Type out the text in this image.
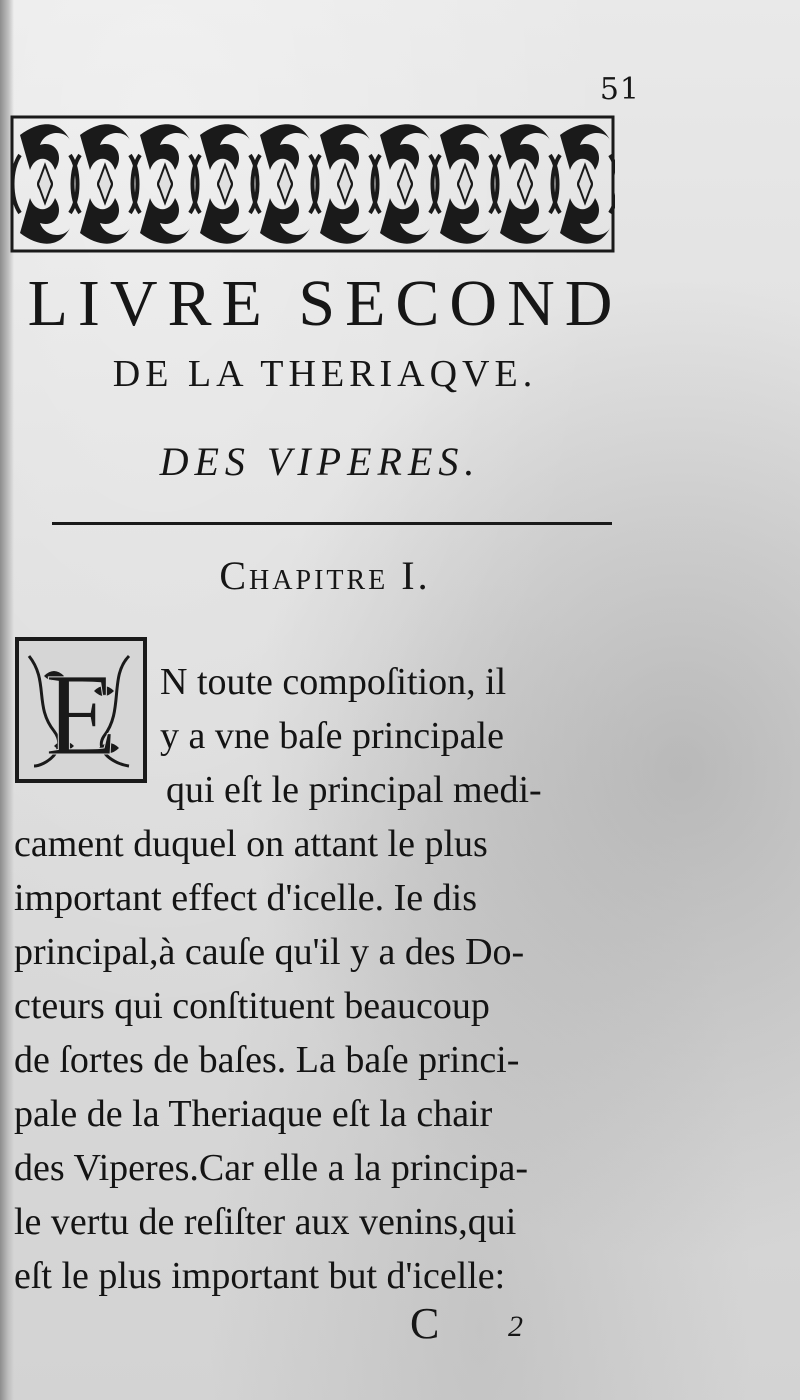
51
LIVRE SECOND
DE LA THERIAQVE.
DES VIPERES.
Chapitre I.
E N toute compoſition, il
y a vne baſe principale
qui eſt le principal medi-
cament duquel on attant le plus
important effect d'icelle. Ie dis
principal,à cauſe qu'il y a des Do-
cteurs qui conſtituent beaucoup
de ſortes de baſes. La baſe princi-
pale de la Theriaque eſt la chair
des Viperes.Car elle a la principa-
le vertu de reſiſter aux venins,qui
eſt le plus important but d'icelle:
C 2
